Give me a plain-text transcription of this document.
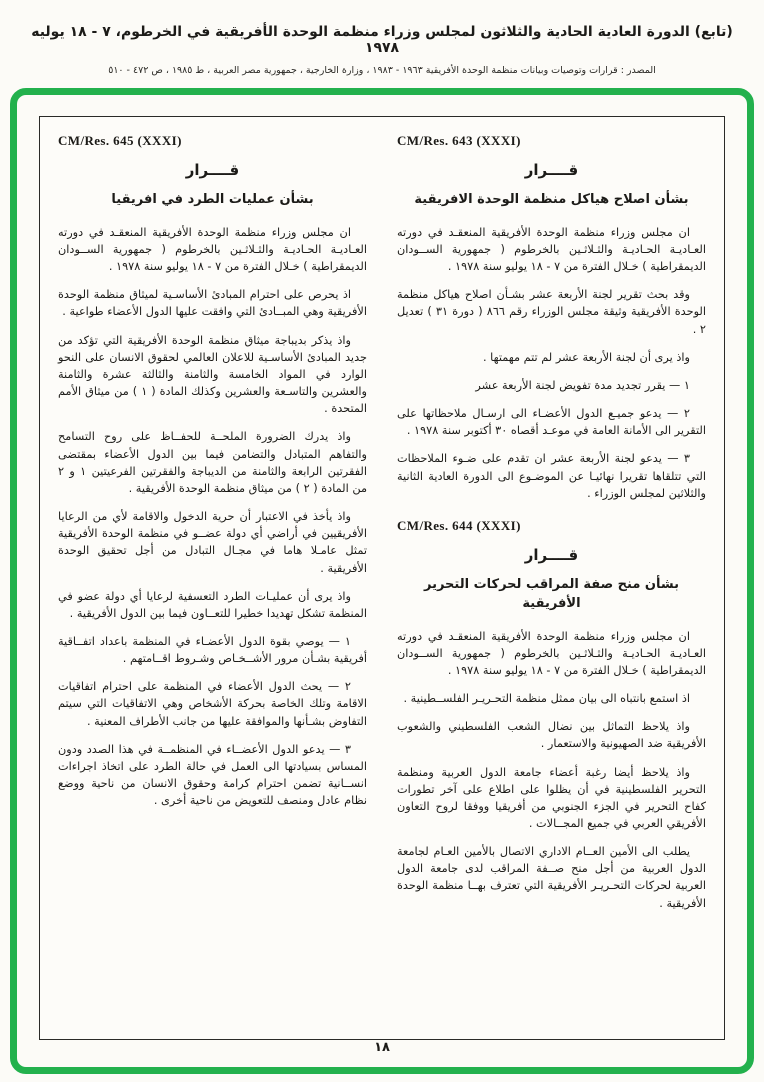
(تابع) الدورة العادية الحادية والثلاثون لمجلس وزراء منظمة الوحدة الأفريقية في الخرطوم، ٧ - ١٨ يوليه ١٩٧٨
المصدر : قرارات وتوصيات وبيانات منظمة الوحدة الأفريقية ١٩٦٣ - ١٩٨٣ ، وزارة الخارجية ، جمهورية مصر العربية ، ط ١٩٨٥ ، ص ٤٧٢ - ٥١٠
CM/Res. 643 (XXXI)
قــــرار
بشأن اصلاح هياكل منظمة الوحدة الافريقية

ان مجلس وزراء منظمة الوحدة الأفريقية المنعقـد في دورته العـاديـة الحـاديـة والثـلاثـين بالخرطوم ( جمهورية الســودان الديمقراطية ) خـلال الفترة من ٧ - ١٨ يوليو سنة ١٩٧٨ .

وقد بحث تقرير لجنة الأربعة عشر بشـأن اصلاح هياكل منظمة الوحدة الأفريقية وثيقة مجلس الوزراء رقم ٨٦٦ ( دورة ٣١ ) تعديل ٢ .

واذ يرى أن لجنة الأربعة عشر لم تتم مهمتها .

١ — يقرر تجديد مدة تفويض لجنة الأربعة عشر

٢ — يدعو جميـع الدول الأعضـاء الى ارسـال ملاحظاتها على التقرير الى الأمانة العامة في موعـد أقصاه ٣٠ أكتوبر سنة ١٩٧٨ .

٣ — يدعو لجنة الأربعة عشر ان تقدم على ضـوء الملاحظات التي تتلقاها تقريرا نهائيـا عن الموضـوع الى الدورة العادية الثانية والثلاثين لمجلس الوزراء .

CM/Res. 644 (XXXI)
قــــرار
بشأن منح صفة المراقب لحركات التحرير الأفريقية

ان مجلس وزراء منظمة الوحدة الأفريقية المنعقـد في دورته العـاديـة الحـاديـة والثـلاثـين بالخرطوم ( جمهورية الســودان الديمقراطية ) خـلال الفترة من ٧ - ١٨ يوليو سنة ١٩٧٨ .

اذ استمع بانتباه الى بيان ممثل منظمة التحـريـر الفلســطينية .

واذ يلاحظ التماثل بين نضال الشعب الفلسطيني والشعوب الأفريقية ضد الصهيونية والاستعمار .

واذ يلاحظ أيضا رغبة أعضاء جامعة الدول العربية ومنظمة التحرير الفلسطينية في أن يظلوا على اطلاع على آخر تطورات كفاح التحرير في الجزء الجنوبي من أفريقيا ووفقا لروح التعاون الأفريقي العربي في جميع المجــالات .

يطلب الى الأمين العــام الاداري الاتصال بالأمين العـام لجامعة الدول العربية من أجل منح صــفة المراقب لدى جامعة الدول العربية لحركات التحـريـر الأفريقية التي تعترف بهــا منظمة الوحدة الأفريقية .

CM/Res. 645 (XXXI)
قــــرار
بشأن عمليات الطرد في افريقيا

ان مجلس وزراء منظمة الوحدة الأفريقية المنعقـد في دورته العـاديـة الحـاديـة والثـلاثـين بالخرطوم ( جمهورية الســودان الديمقراطية ) خـلال الفترة من ٧ - ١٨ يوليو سنة ١٩٧٨ .

اذ يحرص على احترام المبادئ الأساسـية لميثاق منظمة الوحدة الأفريقية وهي المبــادئ التي وافقت عليها الدول الأعضاء طواعية .

واذ يذكر بديباجة ميثاق منظمة الوحدة الأفريقية التي تؤكد من جديد المبادئ الأساسـية للاعلان العالمي لحقوق الانسان على النحو الوارد في المواد الخامسة والثامنة والثالثة عشرة والثامنة والعشرين والتاسـعة والعشرين وكذلك المادة ( ١ ) من ميثاق الأمم المتحدة .

واذ يدرك الضرورة الملحــة للحفــاظ على روح التسامح والتفاهم المتبادل والتضامن فيما بين الدول الأعضاء بمقتضى الفقرتين الرابعة والثامنة من الديباجة والفقرتين الفرعيتين ١ و ٢ من المادة ( ٢ ) من ميثاق منظمة الوحدة الأفريقية .

واذ يأخذ في الاعتبار أن حرية الدخول والاقامة لأي من الرعايا الأفريقيين في أراضي أي دولة عضــو في منظمة الوحدة الأفريقية تمثل عامـلا هاما في مجـال التبادل من أجل تحقيق الوحدة الأفريقية .

واذ يرى أن عمليـات الطرد التعسفية لرعايا أي دولة عضو في المنظمة تشكل تهديدا خطيرا للتعــاون فيما بين الدول الأفريقية .

١ — يوصي بقوة الدول الأعضـاء في المنظمة باعداد اتفــاقية أفريقية بشـأن مرور الأشــخـاص وشـروط اقــامتهم .

٢ — يحث الدول الأعضاء في المنظمة على احترام اتفاقيات الاقامة وتلك الخاصة بحركة الأشخاص وهي الاتفاقيات التي سيتم التفاوض بشـأنها والموافقة عليها من جانب الأطراف المعنية .

٣ — يدعو الدول الأعضــاء في المنظمــة في هذا الصدد ودون المساس بسيادتها الى العمل في حالة الطرد على اتخاذ اجراءات انســانية تضمن احترام كرامة وحقوق الانسان من ناحية ووضع نظام عادل ومنصف للتعويض من ناحية أخرى .

١٨
